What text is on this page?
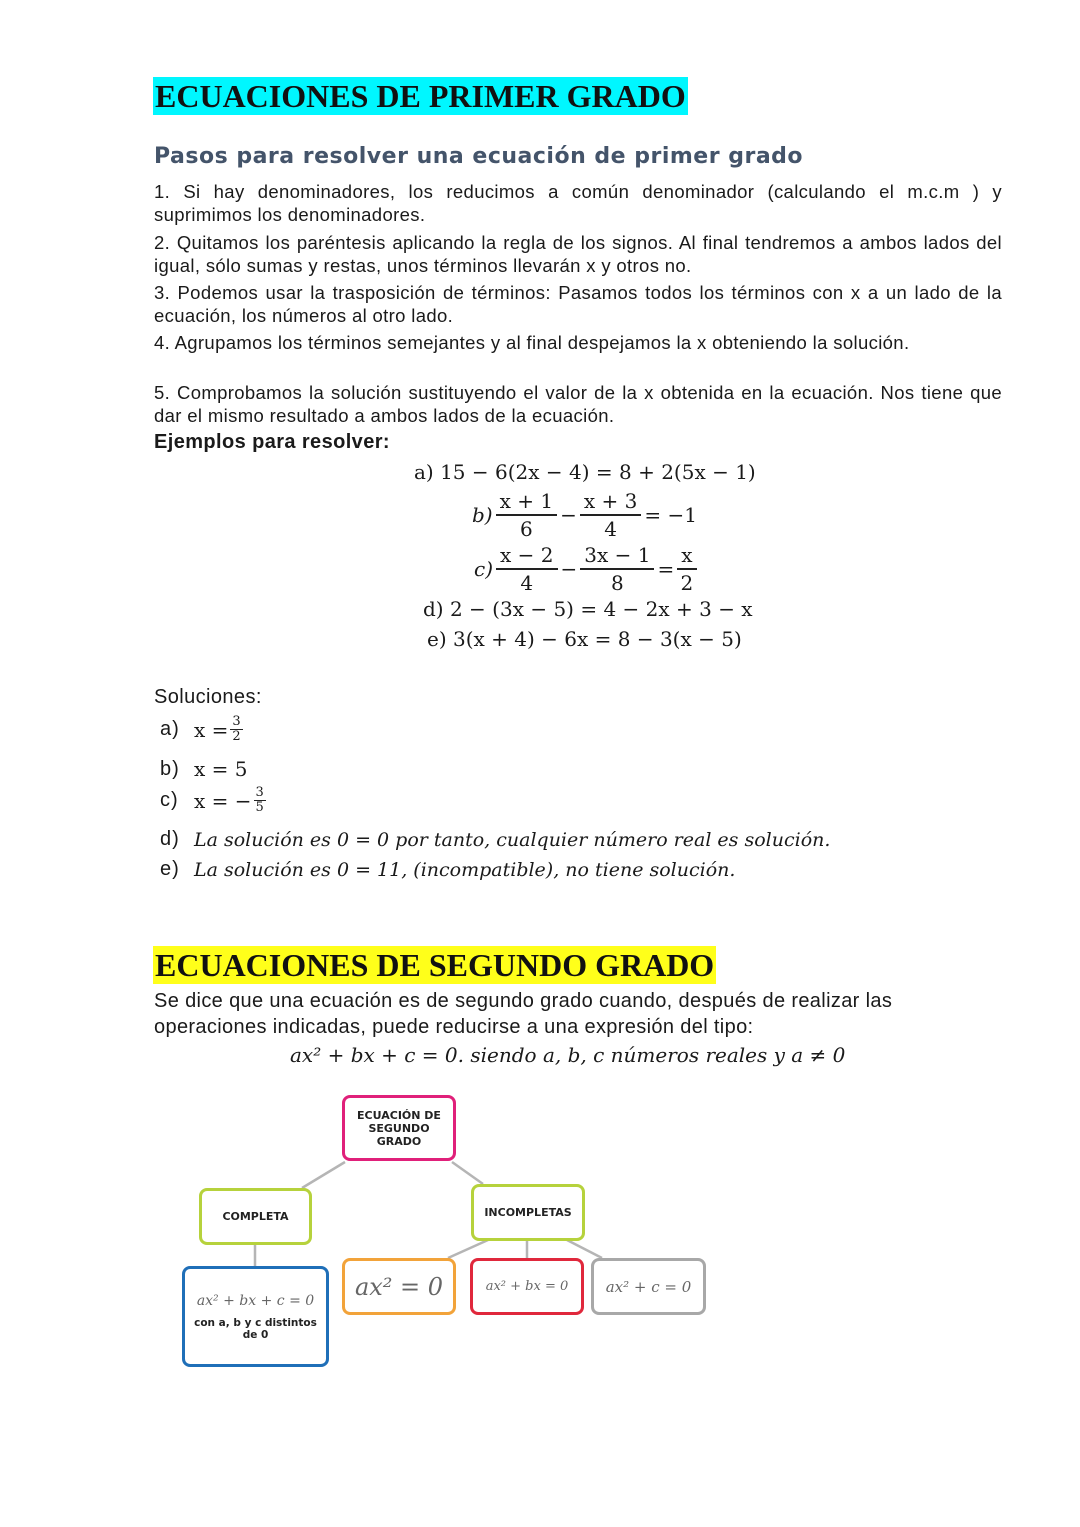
ECUACIONES DE PRIMER GRADO
Pasos para resolver una ecuación de primer grado
1. Si hay denominadores, los reducimos a común denominador (calculando el m.c.m ) y suprimimos los denominadores.
2. Quitamos los paréntesis aplicando la regla de los signos. Al final tendremos a ambos lados del igual, sólo sumas y restas, unos términos llevarán x y otros no.
3. Podemos usar la trasposición de términos: Pasamos todos los términos con x a un lado de la ecuación, los números al otro lado.
4. Agrupamos los términos semejantes y al final despejamos la x obteniendo la solución.
5. Comprobamos la solución sustituyendo el valor de la x obtenida en la ecuación. Nos tiene que dar el mismo resultado a ambos lados de la ecuación.
Ejemplos para resolver:
a) 15 − 6(2x − 4) = 8 + 2(5x − 1)
$b) \frac{x + 1}{6} - \frac{x + 3}{4} = -1$
$c) \frac{x - 2}{4} - \frac{3x - 1}{8} = \frac{x}{2}$
d) 2 − (3x − 5) = 4 − 2x + 3 − x
e) 3(x + 4) − 6x = 8 − 3(x − 5)
Soluciones:
a) $x = \frac{3}{2}$
b) x = 5
c) x = − $\frac{3}{5}$
d) La solución es 0 = 0 por tanto, cualquier número real es solución.
e) La solución es 0 = 11, (incompatible), no tiene solución.
ECUACIONES DE SEGUNDO GRADO
Se dice que una ecuación es de segundo grado cuando, después de realizar las operaciones indicadas, puede reducirse a una expresión del tipo:
ax² + bx + c = 0. siendo a, b, c números reales y a ≠ 0
ECUACIÓN DE SEGUNDO GRADO
COMPLETA	INCOMPLETAS
ax² + bx + c = 0
con a, b y c distintos de 0
ax² = 0	ax² + bx = 0	ax² + c = 0
